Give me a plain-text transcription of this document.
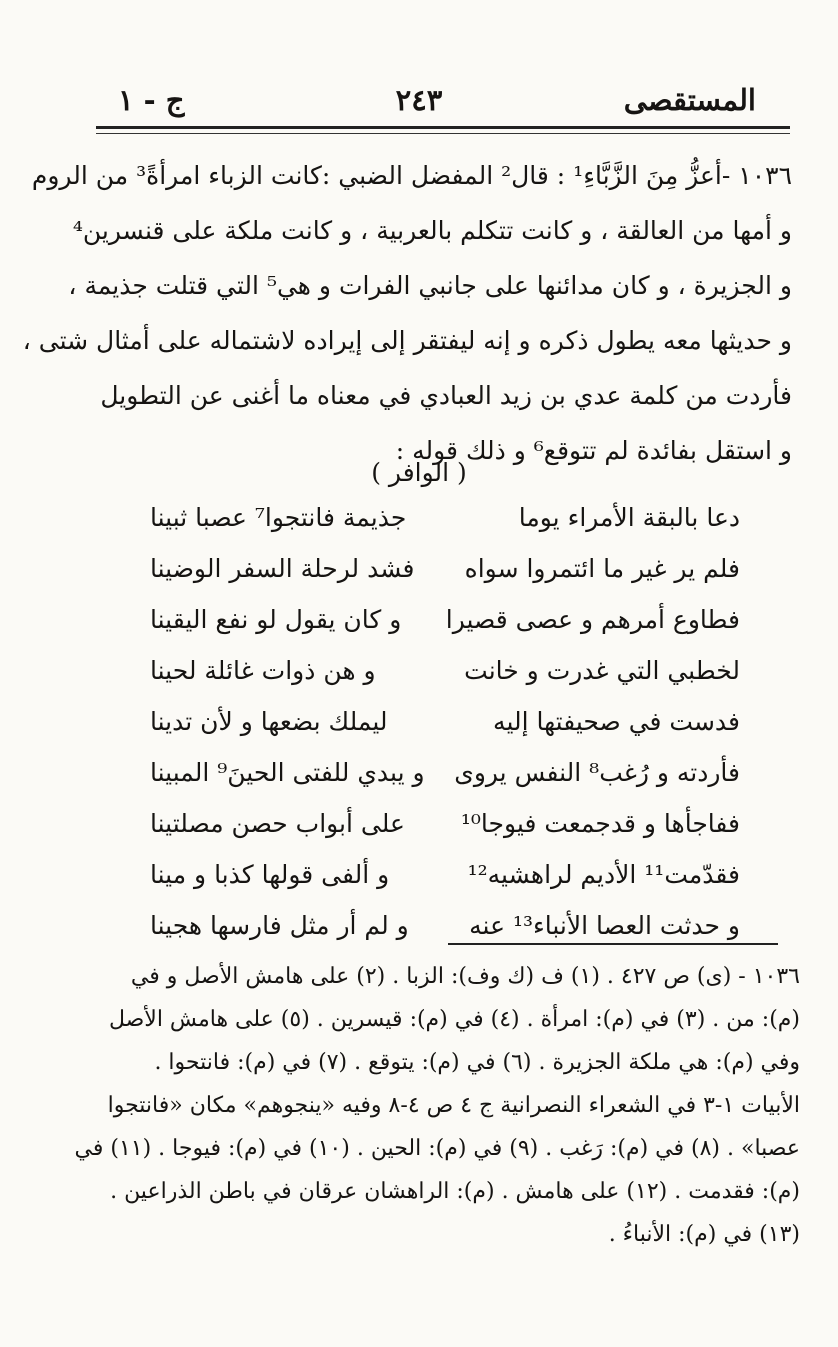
المستقصى
٢٤٣
ج - ١
١٠٣٦ -أعزُّ مِنَ الزَّبَّاءِ¹ : قال² المفضل الضبي :كانت الزباء امرأةً³ من الروم
و أمها من العالقة ، و كانت تتكلم بالعربية ، و كانت ملكة على قنسرين⁴
و الجزيرة ، و كان مدائنها على جانبي الفرات و هي⁵ التي قتلت جذيمة ،
و حديثها معه يطول ذكره و إنه ليفتقر إلى إيراده لاشتماله على أمثال شتى ،
فأردت من كلمة عدي بن زيد العبادي في معناه ما أغنى عن التطويل
و استقل بفائدة لم تتوقع⁶ و ذلك قوله :
( الوافر )
دعا بالبقة الأمراء يوما
جذيمة فانتجوا⁷ عصبا ثبينا
فلم ير غير ما ائتمروا سواه
فشد لرحلة السفر الوضينا
فطاوع أمرهم و عصى قصيرا
و كان يقول لو نفع اليقينا
لخطبي التي غدرت و خانت
و هن ذوات غائلة لحينا
فدست في صحيفتها إليه
ليملك بضعها و لأن تدينا
فأردته و رُغب⁸ النفس يروى
و يبدي للفتى الحينَ⁹ المبينا
ففاجأها و قدجمعت فيوجا¹⁰
على أبواب حصن مصلتينا
فقدّمت¹¹ الأديم لراهشيه¹²
و ألفى قولها كذبا و مينا
و حدثت العصا الأنباء¹³ عنه
و لم أر مثل فارسها هجينا
١٠٣٦ - (ى) ص ٤٢٧ . (١) ف (ك وف): الزبا . (٢) على هامش الأصل و في
(م): من . (٣) في (م): امرأة . (٤) في (م): قيسرين . (٥) على هامش الأصل
وفي (م): هي ملكة الجزيرة . (٦) في (م): يتوقع . (٧) في (م): فانتحوا .
الأبيات ١-٣ في الشعراء النصرانية ج ٤ ص ٤-٨ وفيه «ينجوهم» مكان «فانتجوا
عصبا» . (٨) في (م): رَغب . (٩) في (م): الحين . (١٠) في (م): فيوجا . (١١) في
(م): فقدمت . (١٢) على هامش . (م): الراهشان عرقان في باطن الذراعين .
(١٣) في (م): الأنباءُ .
